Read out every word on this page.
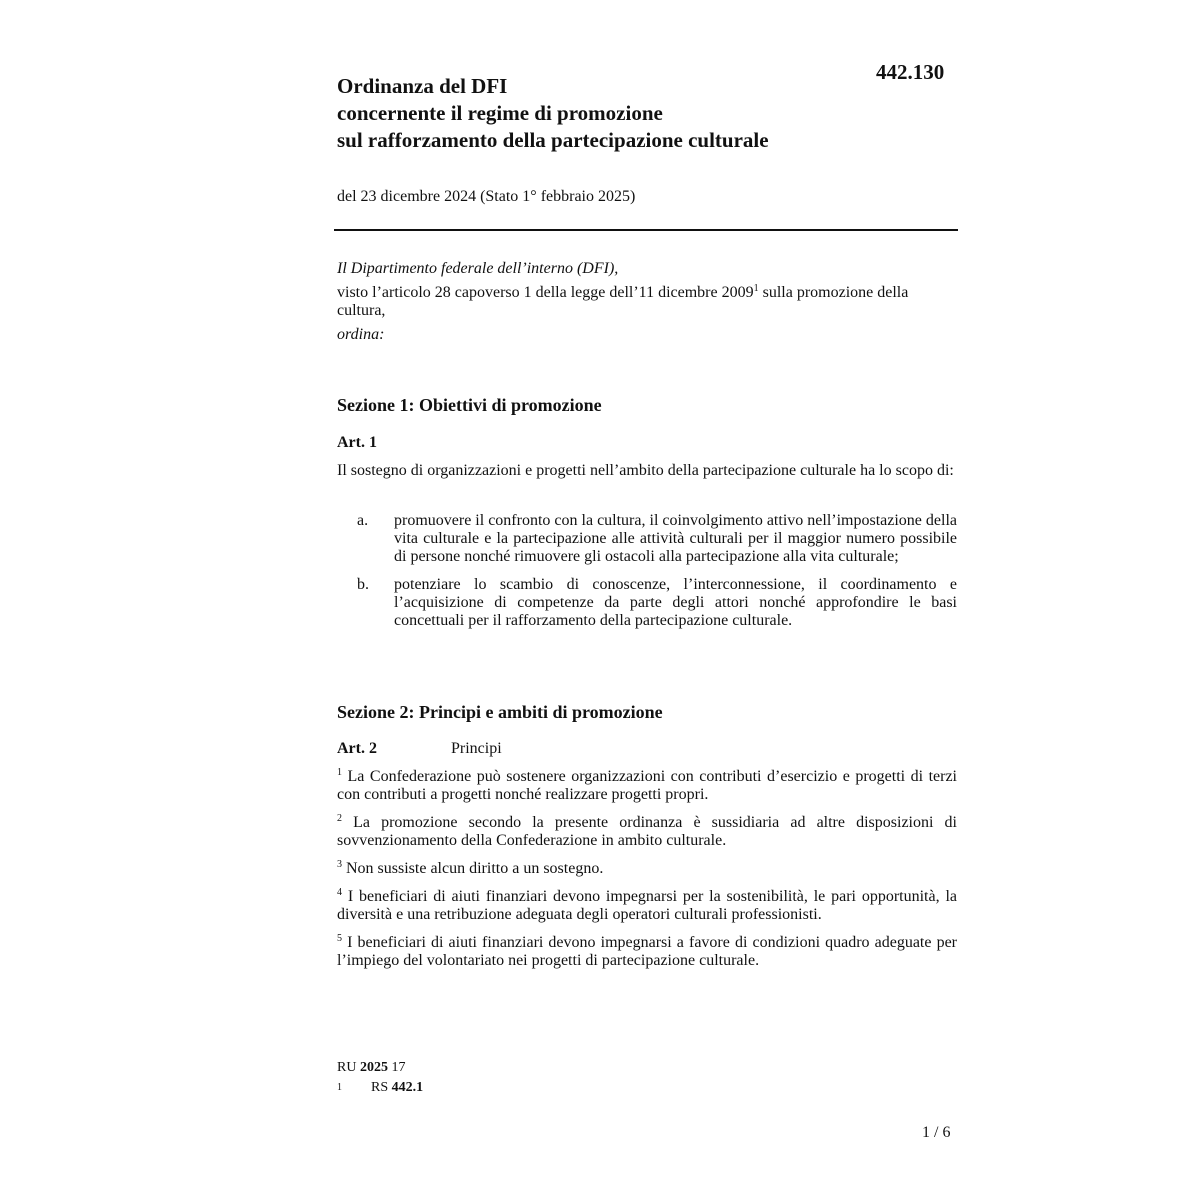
442.130
Ordinanza del DFI
concernente il regime di promozione
sul rafforzamento della partecipazione culturale
del 23 dicembre 2024 (Stato 1° febbraio 2025)

Il Dipartimento federale dell’interno (DFI),

visto l’articolo 28 capoverso 1 della legge dell’11 dicembre 2009$^1$ sulla promozione della cultura,

ordina:

Sezione 1: Obiettivi di promozione
Art. 1

Il sostegno di organizzazioni e progetti nell’ambito della partecipazione culturale ha lo scopo di:

a.	promuovere il confronto con la cultura, il coinvolgimento attivo nell’impostazione della vita culturale e la partecipazione alle attività culturali per il maggior numero possibile di persone nonché rimuovere gli ostacoli alla partecipazione alla vita culturale;
b.	potenziare lo scambio di conoscenze, l’interconnessione, il coordinamento e l’acquisizione di competenze da parte degli attori nonché approfondire le basi concettuali per il rafforzamento della partecipazione culturale.
Sezione 2: Principi e ambiti di promozione
Art. 2	Principi

$^1$ La Confederazione può sostenere organizzazioni con contributi d’esercizio e progetti di terzi con contributi a progetti nonché realizzare progetti propri.

$^2$ La promozione secondo la presente ordinanza è sussidiaria ad altre disposizioni di sovvenzionamento della Confederazione in ambito culturale.

$^3$ Non sussiste alcun diritto a un sostegno.

$^4$ I beneficiari di aiuti finanziari devono impegnarsi per la sostenibilità, le pari opportunità, la diversità e una retribuzione adeguata degli operatori culturali professionisti.

$^5$ I beneficiari di aiuti finanziari devono impegnarsi a favore di condizioni quadro adeguate per l’impiego del volontariato nei progetti di partecipazione culturale.

RU 2025 17
1	RS 442.1
1 / 6
